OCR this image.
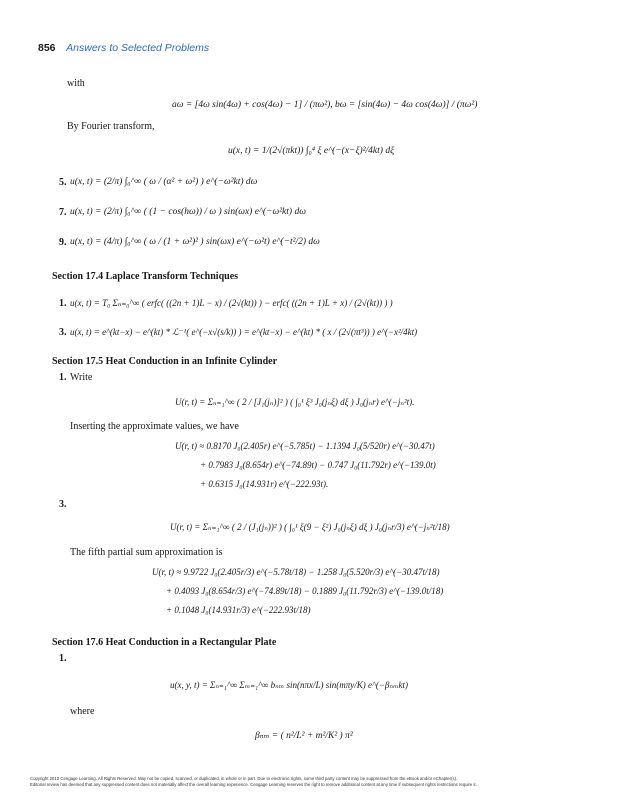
856 Answers to Selected Problems
with
aω = [4ω sin(4ω) + cos(4ω) − 1] / (πω²), bω = [sin(4ω) − 4ω cos(4ω)] / (πω²)
By Fourier transform,
u(x, t) = 1/(2√(πkt)) ∫₀⁴ ξ e^(−(x−ξ)²/4kt) dξ
5. u(x, t) = (2/π) ∫₀^∞ ( ω / (α² + ω²) ) e^(−ω²kt) dω
7. u(x, t) = (2/π) ∫₀^∞ ( (1 − cos(hω)) / ω ) sin(ωx) e^(−ω²kt) dω
9. u(x, t) = (4/π) ∫₀^∞ ( ω / (1 + ω²)² ) sin(ωx) e^(−ω²t) e^(−t²/2) dω
Section 17.4 Laplace Transform Techniques
1. u(x, t) = T₀ Σₙ₌₀^∞ ( erfc( ((2n + 1)L − x) / (2√(kt)) ) − erfc( ((2n + 1)L + x) / (2√(kt)) ) )
3. u(x, t) = e^(kt−x) − e^(kt) * ℒ⁻¹( e^(−x√(s/k)) ) = e^(kt−x) − e^(kt) * ( x / (2√(πt³)) ) e^(−x²/4kt)
Section 17.5 Heat Conduction in an Infinite Cylinder
1. Write
U(r, t) = Σₙ₌₁^∞ ( 2 / [J₁(jₙ)]² ) ( ∫₀¹ ξ³ J₀(jₙξ) dξ ) J₀(jₙr) e^(−jₙ²t).
Inserting the approximate values, we have
U(r, t) ≈ 0.8170 J₀(2.405r) e^(−5.785t) − 1.1394 J₀(5/520r) e^(−30.47t)
+ 0.7983 J₀(8.654r) e^(−74.89t) − 0.747 J₀(11.792r) e^(−139.0t)
+ 0.6315 J₀(14.931r) e^(−222.93t).
3.
U(r, t) = Σₙ₌₁^∞ ( 2 / (J₁(jₙ))² ) ( ∫₀¹ ξ(9 − ξ²) J₀(jₙξ) dξ ) J₀(jₙr/3) e^(−jₙ²t/18)
The fifth partial sum approximation is
U(r, t) ≈ 9.9722 J₀(2.405r/3) e^(−5.78t/18) − 1.258 J₀(5.520r/3) e^(−30.47t/18)
+ 0.4093 J₀(8.654r/3) e^(−74.89t/18) − 0.1889 J₀(11.792r/3) e^(−139.0t/18)
+ 0.1048 J₀(14.931r/3) e^(−222.93t/18)
Section 17.6 Heat Conduction in a Rectangular Plate
1.
u(x, y, t) = Σₙ₌₁^∞ Σₘ₌₁^∞ bₙₘ sin(nπx/L) sin(mπy/K) e^(−βₙₘkt)
where
βₙₘ = ( n²/L² + m²/K² ) π²
Copyright 2010 Cengage Learning. All Rights Reserved. May not be copied, scanned, or duplicated, in whole or in part. Due to electronic rights, some third party content may be suppressed from the eBook and/or eChapter(s).
Editorial review has deemed that any suppressed content does not materially affect the overall learning experience. Cengage Learning reserves the right to remove additional content at any time if subsequent rights restrictions require it.
